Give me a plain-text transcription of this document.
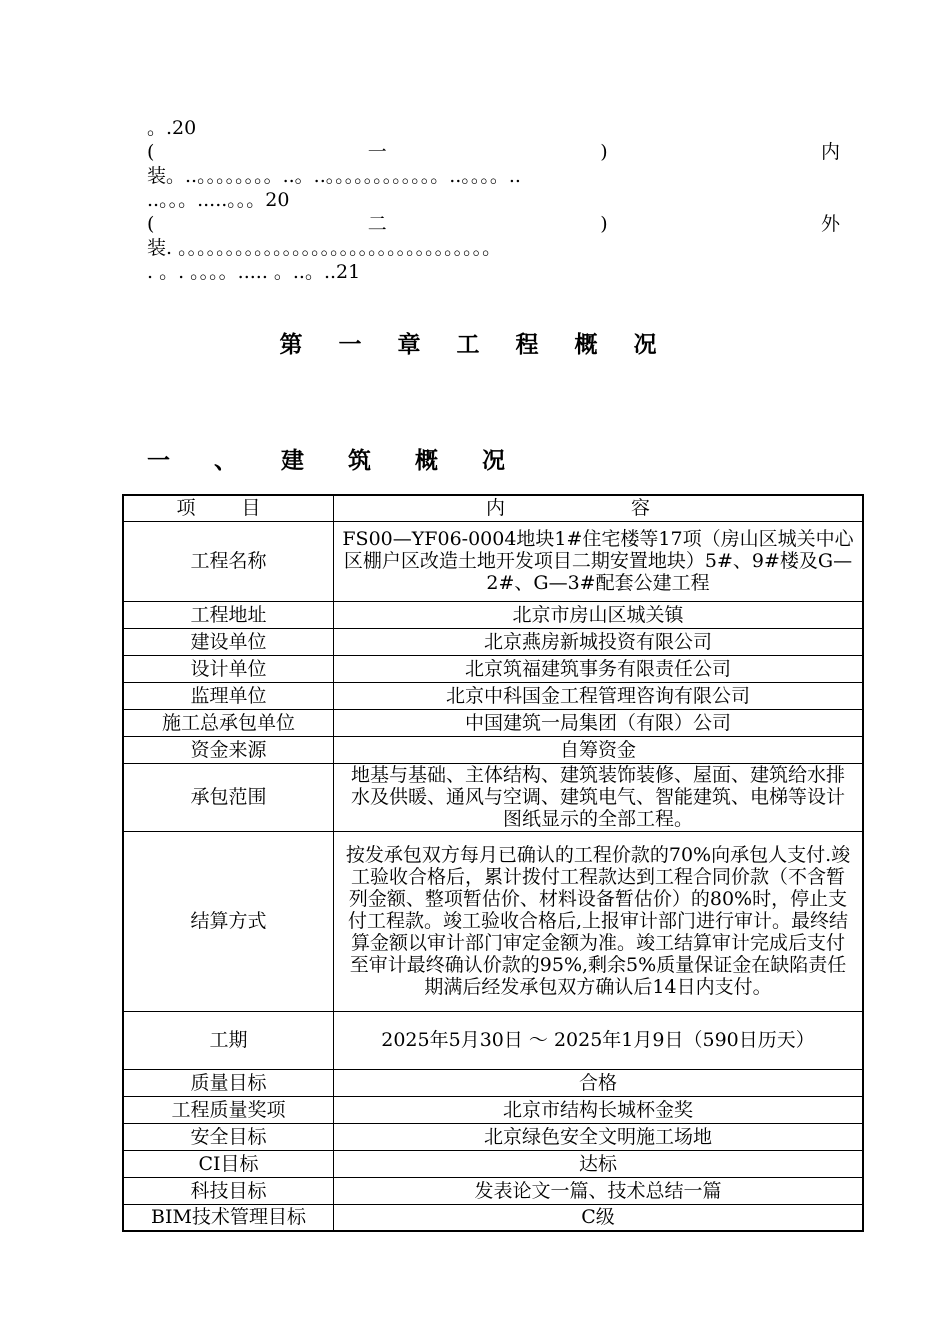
。.20
(	一	)	内
装。..。。。。。。。。..。..。。。。。。。。。。。。..。。。。..
..。。。.....。。。20
(	二	)	外
装. 。。。。。。。。。。。。。。。。。。。。。。。。。。。。。。。。。
. 。. 。。。。..... 。..。..21
第 一 章 工 程 概 况
一 、 建 筑 概 况
项 目	内 容
工程名称	FS00—YF06-0004地块1#住宅楼等17项（房山区城关中心区棚户区改造土地开发项目二期安置地块）5#、9#楼及G—2#、G—3#配套公建工程
工程地址	北京市房山区城关镇
建设单位	北京燕房新城投资有限公司
设计单位	北京筑福建筑事务有限责任公司
监理单位	北京中科国金工程管理咨询有限公司
施工总承包单位	中国建筑一局集团（有限）公司
资金来源	自筹资金
承包范围	地基与基础、主体结构、建筑装饰装修、屋面、建筑给水排水及供暖、通风与空调、建筑电气、智能建筑、电梯等设计图纸显示的全部工程。
结算方式	按发承包双方每月已确认的工程价款的70%向承包人支付.竣工验收合格后，累计拨付工程款达到工程合同价款（不含暂列金额、整项暂估价、材料设备暂估价）的80%时，停止支付工程款。竣工验收合格后,上报审计部门进行审计。最终结算金额以审计部门审定金额为准。竣工结算审计完成后支付至审计最终确认价款的95%,剩余5%质量保证金在缺陷责任期满后经发承包双方确认后14日内支付。
工期	2025年5月30日 ～ 2025年1月9日（590日历天）
质量目标	合格
工程质量奖项	北京市结构长城杯金奖
安全目标	北京绿色安全文明施工场地
CI目标	达标
科技目标	发表论文一篇、技术总结一篇
BIM技术管理目标	C级
